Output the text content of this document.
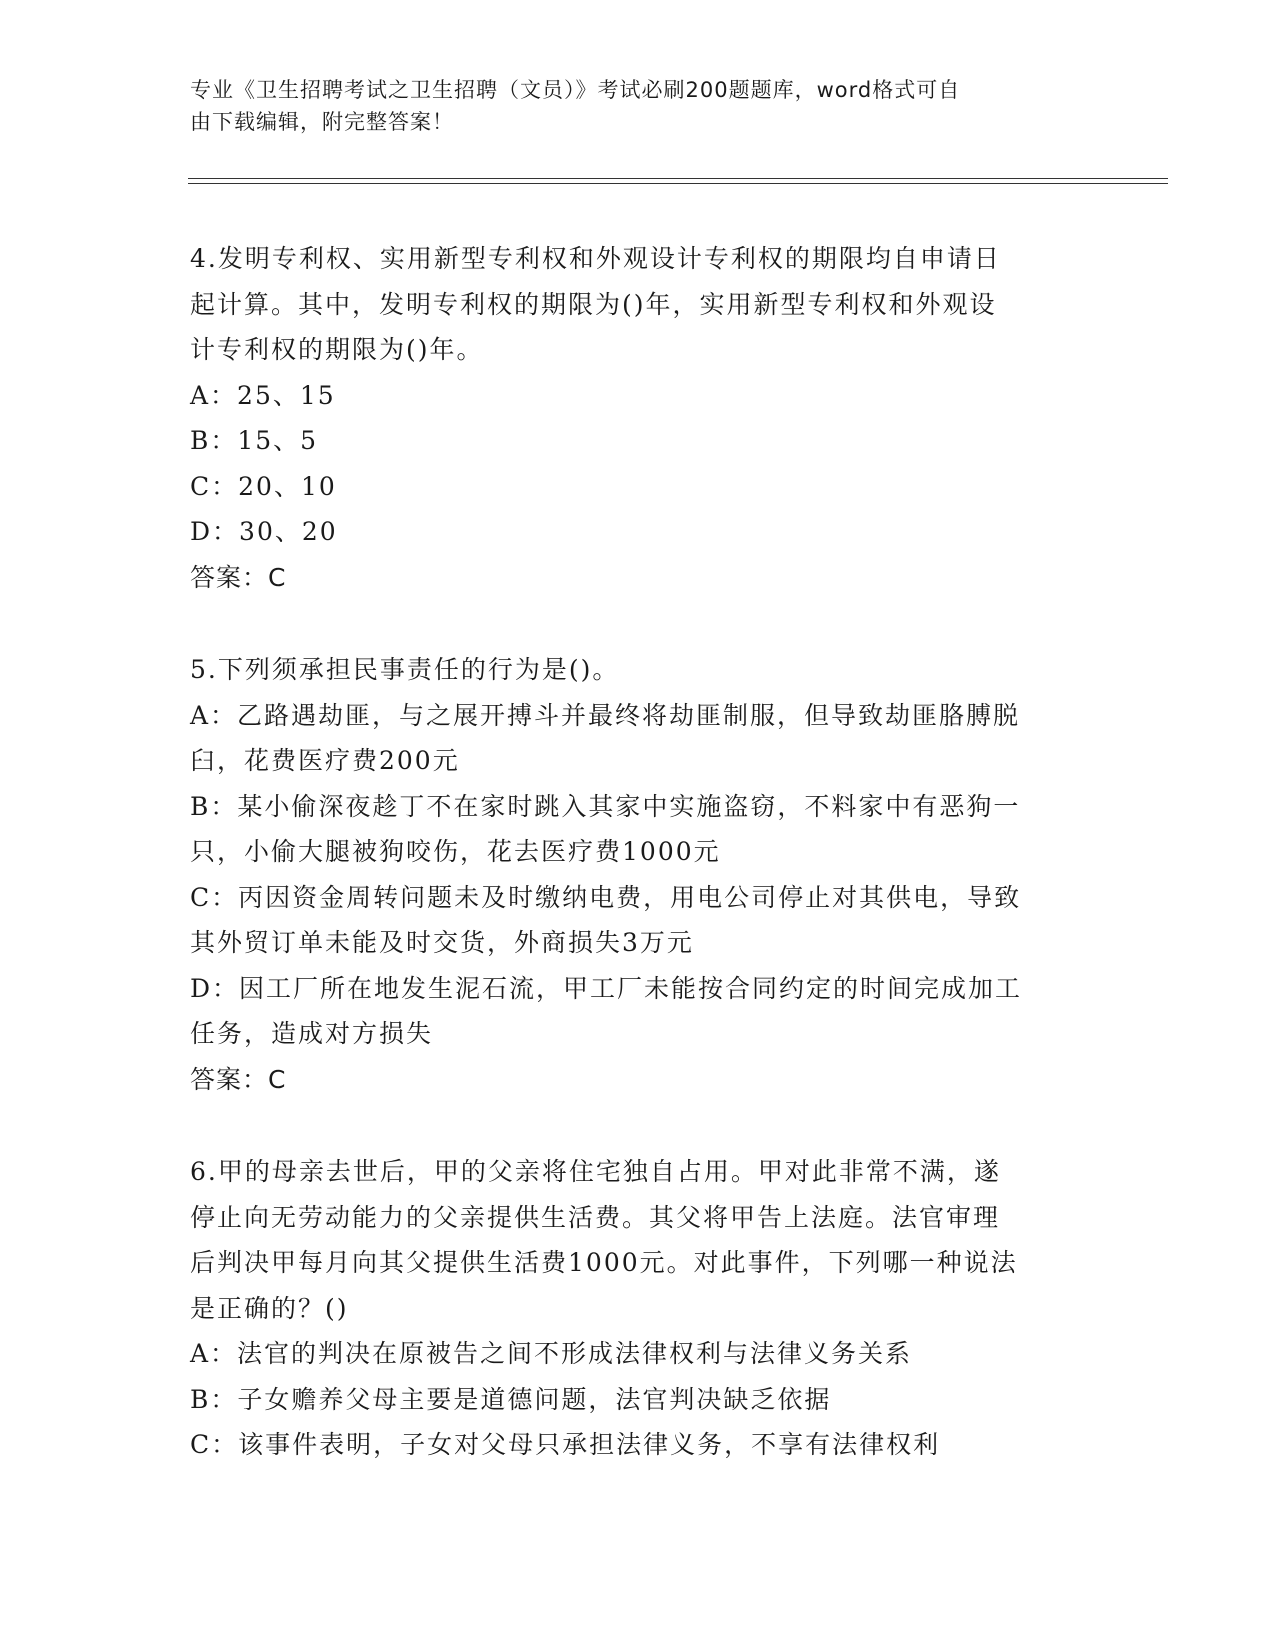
专业《卫生招聘考试之卫生招聘（文员）》考试必刷200题题库，word格式可自
由下载编辑，附完整答案！
4.发明专利权、实用新型专利权和外观设计专利权的期限均自申请日
起计算。其中，发明专利权的期限为()年，实用新型专利权和外观设
计专利权的期限为()年。
A：25、15
B：15、5
C：20、10
D：30、20
答案：C
5.下列须承担民事责任的行为是()。
A：乙路遇劫匪，与之展开搏斗并最终将劫匪制服，但导致劫匪胳膊脱
臼，花费医疗费200元
B：某小偷深夜趁丁不在家时跳入其家中实施盗窃，不料家中有恶狗一
只，小偷大腿被狗咬伤，花去医疗费1000元
C：丙因资金周转问题未及时缴纳电费，用电公司停止对其供电，导致
其外贸订单未能及时交货，外商损失3万元
D：因工厂所在地发生泥石流，甲工厂未能按合同约定的时间完成加工
任务，造成对方损失
答案：C
6.甲的母亲去世后，甲的父亲将住宅独自占用。甲对此非常不满，遂
停止向无劳动能力的父亲提供生活费。其父将甲告上法庭。法官审理
后判决甲每月向其父提供生活费1000元。对此事件，下列哪一种说法
是正确的？()
A：法官的判决在原被告之间不形成法律权利与法律义务关系
B：子女赡养父母主要是道德问题，法官判决缺乏依据
C：该事件表明，子女对父母只承担法律义务，不享有法律权利
